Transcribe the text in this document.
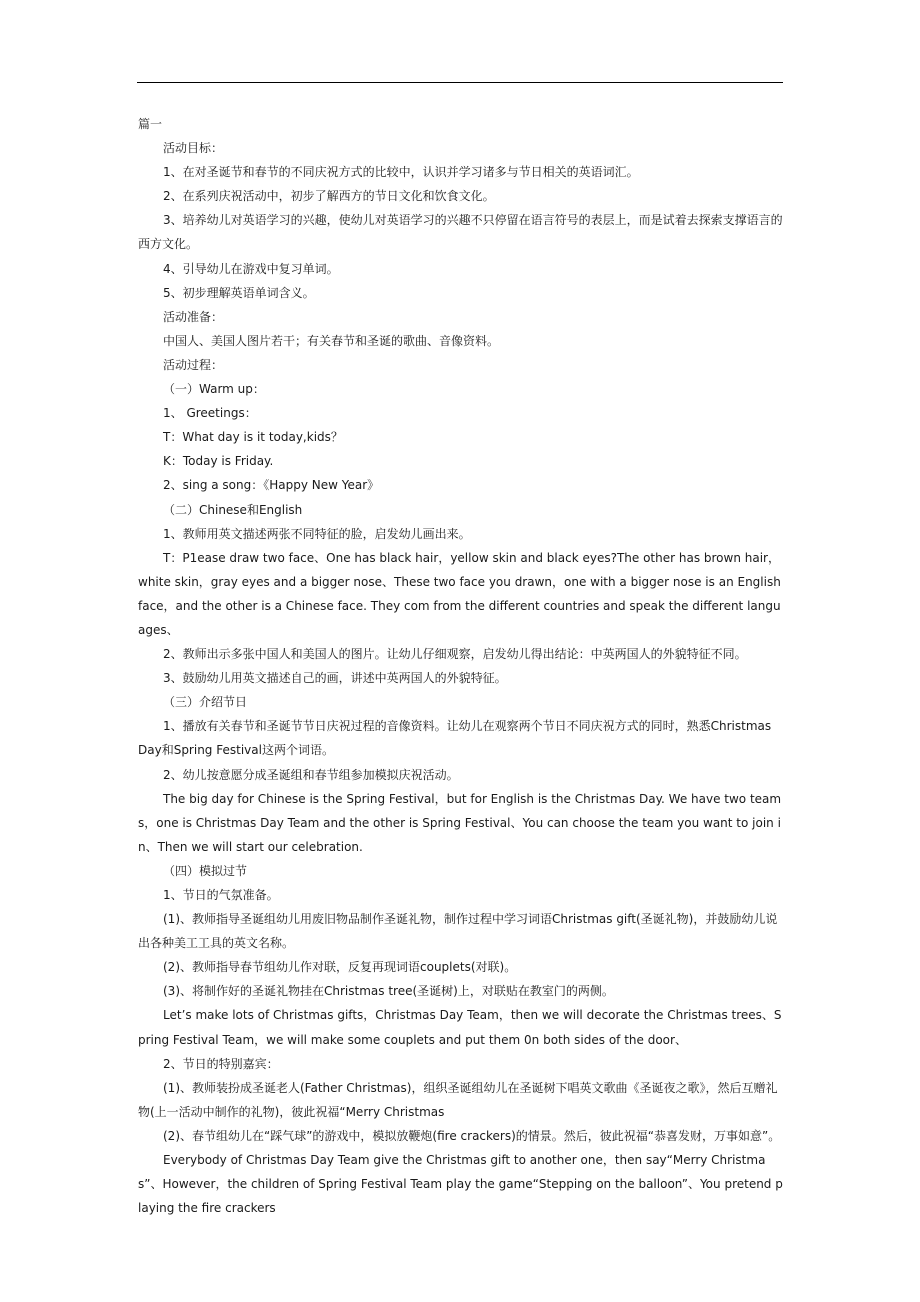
篇一

活动目标：

1、在对圣诞节和春节的不同庆祝方式的比较中，认识并学习诸多与节日相关的英语词汇。

2、在系列庆祝活动中，初步了解西方的节日文化和饮食文化。

3、培养幼儿对英语学习的兴趣，使幼儿对英语学习的兴趣不只停留在语言符号的表层上，而是试着去探索支撑语言的西方文化。

4、引导幼儿在游戏中复习单词。

5、初步理解英语单词含义。

活动准备：

中国人、美国人图片若干；有关春节和圣诞的歌曲、音像资料。

活动过程：

（一）Warm up：

1、 Greetings：

T：What day is it today,kids？

K：Today is Friday.

2、sing a song：《Happy New Year》

（二）Chinese和English

1、教师用英文描述两张不同特征的脸，启发幼儿画出来。

T：P1ease draw two face、One has black hair，yellow skin and black eyes?The other has brown hair，white skin，gray eyes and a bigger nose、These two face you drawn，one with a bigger nose is an English face，and the other is a Chinese face. They com from the different countries and speak the different languages、

2、教师出示多张中国人和美国人的图片。让幼儿仔细观察，启发幼儿得出结论：中英两国人的外貌特征不同。

3、鼓励幼儿用英文描述自己的画，讲述中英两国人的外貌特征。

（三）介绍节日

1、播放有关春节和圣诞节节日庆祝过程的音像资料。让幼儿在观察两个节日不同庆祝方式的同时，熟悉Christmas Day和Spring Festival这两个词语。

2、幼儿按意愿分成圣诞组和春节组参加模拟庆祝活动。

The big day for Chinese is the Spring Festival，but for English is the Christmas Day. We have two teams，one is Christmas Day Team and the other is Spring Festival、You can choose the team you want to join in、Then we will start our celebration.

（四）模拟过节

1、节日的气氛准备。

(1)、教师指导圣诞组幼儿用废旧物品制作圣诞礼物，制作过程中学习词语Christmas gift(圣诞礼物)，并鼓励幼儿说出各种美工工具的英文名称。

(2)、教师指导春节组幼儿作对联，反复再现词语couplets(对联)。

(3)、将制作好的圣诞礼物挂在Christmas tree(圣诞树)上，对联贴在教室门的两侧。

Let’s make lots of Christmas gifts，Christmas Day Team，then we will decorate the Christmas trees、Spring Festival Team，we will make some couplets and put them 0n both sides of the door、

2、节日的特别嘉宾：

(1)、教师装扮成圣诞老人(Father Christmas)，组织圣诞组幼儿在圣诞树下唱英文歌曲《圣诞夜之歌》，然后互赠礼物(上一活动中制作的礼物)，彼此祝福“Merry Christmas

(2)、春节组幼儿在“踩气球”的游戏中，模拟放鞭炮(fire crackers)的情景。然后，彼此祝福“恭喜发财，万事如意”。

Everybody of Christmas Day Team give the Christmas gift to another one，then say“Merry Christmas”、However，the children of Spring Festival Team play the game“Stepping on the balloon”、You pretend playing the fire crackers
